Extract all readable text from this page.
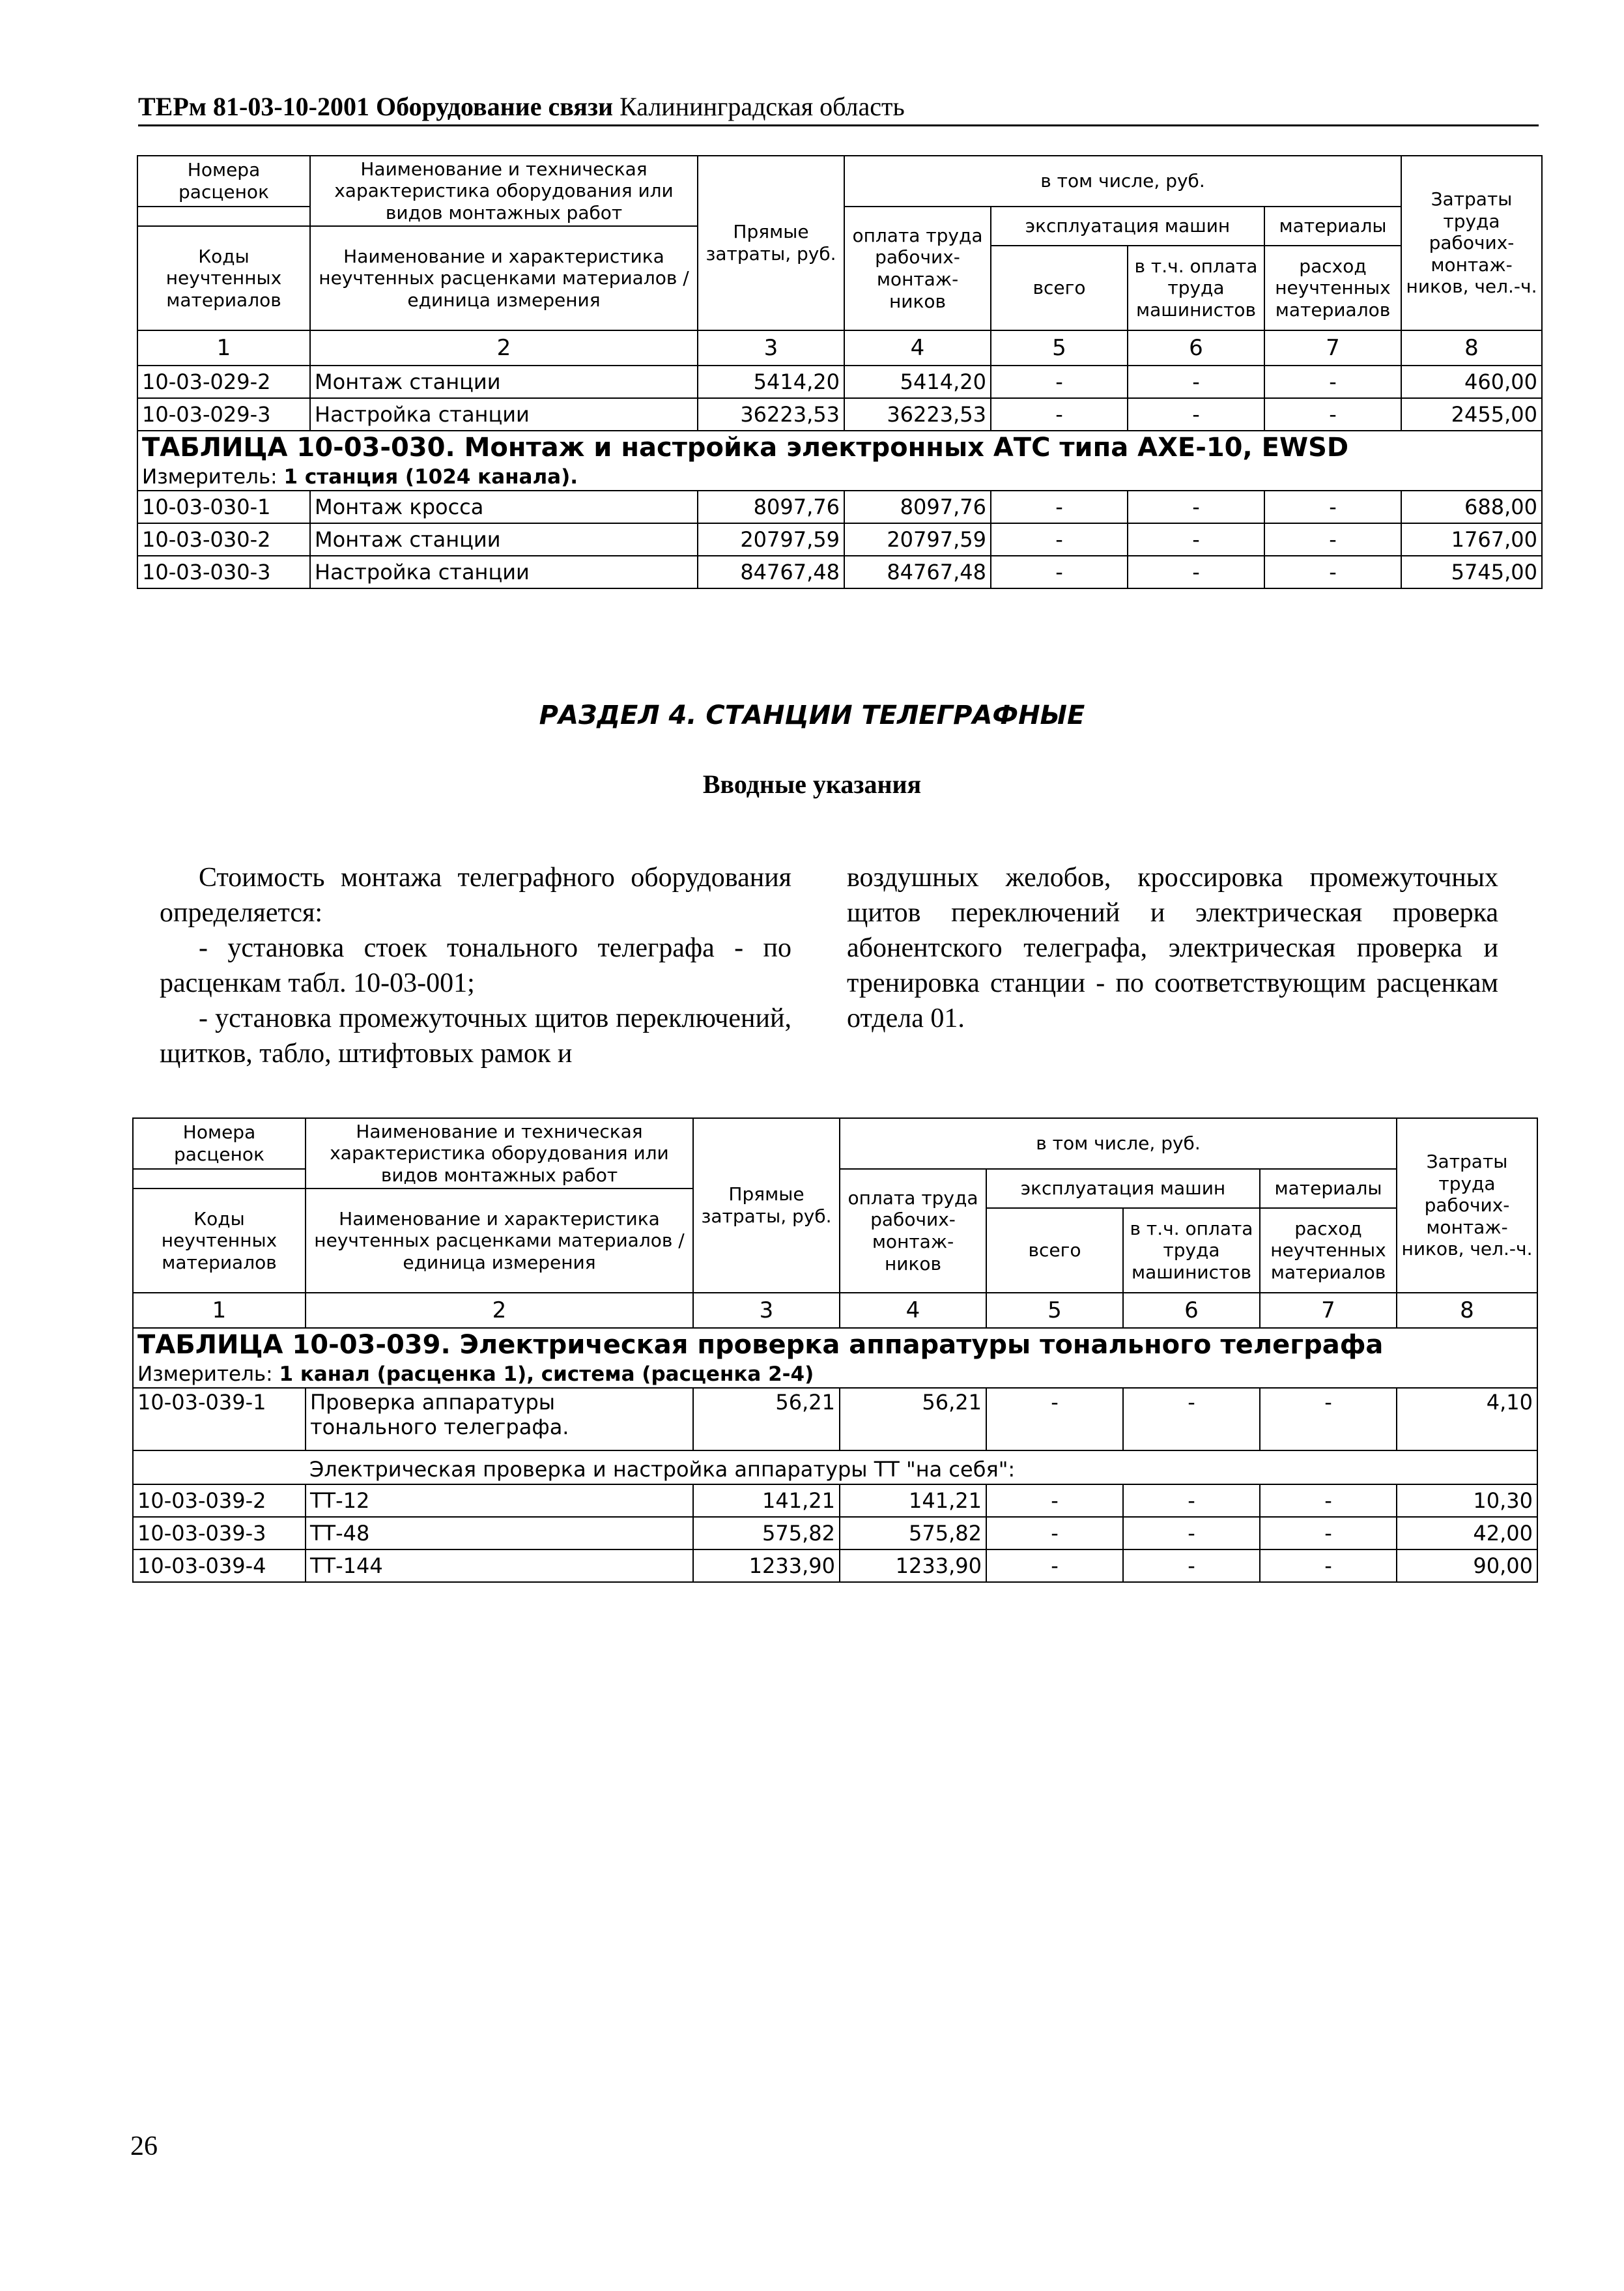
ТЕРм 81-03-10-2001 Оборудование связи Калининградская область
Номера расценок	Наименование и техническая характеристика оборудования или видов монтажных работ	Прямые затраты, руб.	в том числе, руб.				Затраты труда рабочих-монтаж-ников, чел.-ч.
			оплата труда рабочих-монтаж-ников	эксплуатация машин		материалы	
Коды неучтенных материалов	Наименование и характеристика неучтенных расценками материалов / единица измерения						
				всего	в т.ч. оплата труда машинистов	расход неучтенных материалов	
1	2	3	4	5	6	7	8
10-03-029-2	Монтаж станции	5414,20	5414,20	-	-	-	460,00
10-03-029-3	Настройка станции	36223,53	36223,53	-	-	-	2455,00
ТАБЛИЦА 10-03-030. Монтаж и настройка электронных АТС типа AXE-10, EWSD							
Измеритель: 1 станция (1024 канала).							
10-03-030-1	Монтаж кросса	8097,76	8097,76	-	-	-	688,00
10-03-030-2	Монтаж станции	20797,59	20797,59	-	-	-	1767,00
10-03-030-3	Настройка станции	84767,48	84767,48	-	-	-	5745,00
РАЗДЕЛ 4. СТАНЦИИ ТЕЛЕГРАФНЫЕ
Вводные указания

Стоимость монтажа телеграфного оборудования определяется:

- установка стоек тонального телеграфа - по расценкам табл. 10-03-001;

- установка промежуточных щитов переключений, щитков, табло, штифтовых рамок и

воздушных желобов, кроссировка промежуточных щитов переключений и электрическая проверка абонентского телеграфа, электрическая проверка и тренировка станции - по соответствующим расценкам отдела 01.

Номера расценок	Наименование и техническая характеристика оборудования или видов монтажных работ	Прямые затраты, руб.	в том числе, руб.				Затраты труда рабочих-монтаж-ников, чел.-ч.
			оплата труда рабочих-монтаж-ников	эксплуатация машин		материалы	
Коды неучтенных материалов	Наименование и характеристика неучтенных расценками материалов / единица измерения						
				всего	в т.ч. оплата труда машинистов	расход неучтенных материалов	
1	2	3	4	5	6	7	8
ТАБЛИЦА 10-03-039. Электрическая проверка аппаратуры тонального телеграфа							
Измеритель: 1 канал (расценка 1), система (расценка 2-4)							
10-03-039-1	Проверка аппаратуры тонального телеграфа.	56,21	56,21	-	-	-	4,10
	Электрическая проверка и настройка аппаратуры ТТ "на себя":						
10-03-039-2	ТТ-12	141,21	141,21	-	-	-	10,30
10-03-039-3	ТТ-48	575,82	575,82	-	-	-	42,00
10-03-039-4	ТТ-144	1233,90	1233,90	-	-	-	90,00
26
